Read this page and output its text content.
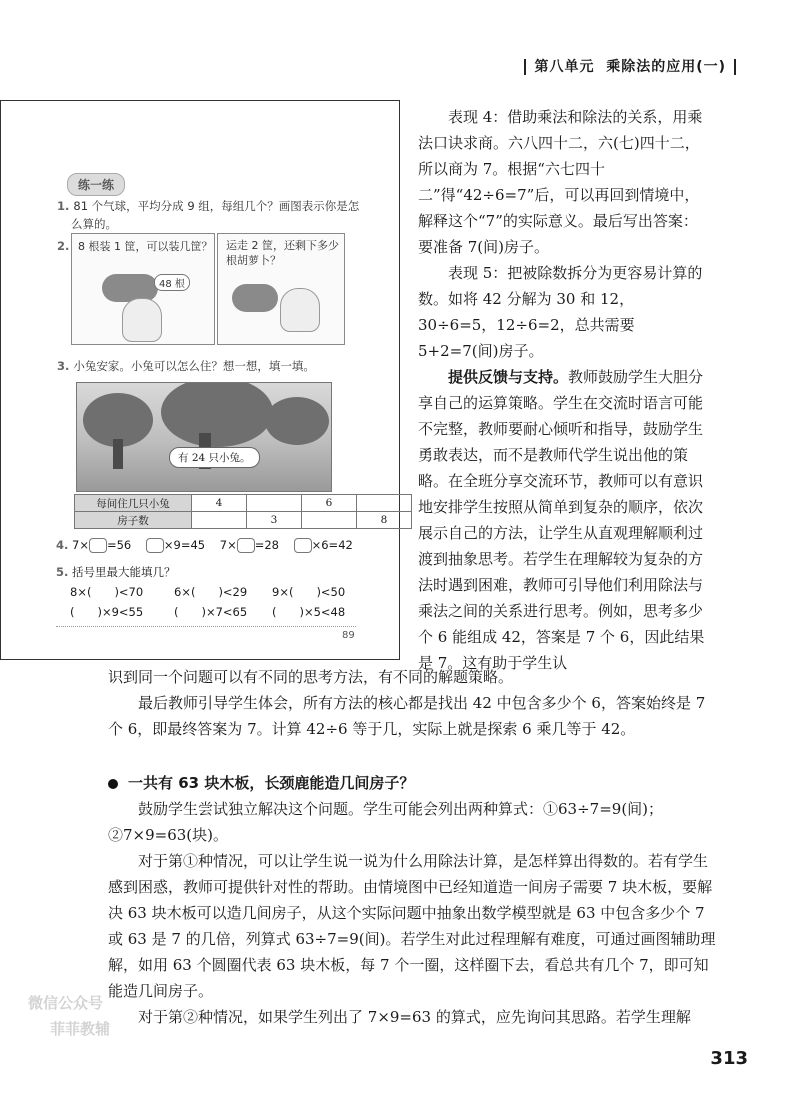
第八单元 乘除法的应用(一)
练一练
1. 81 个气球，平均分成 9 组，每组几个？画图表示你是怎
么算的。
2. 8 根装 1 筐，可以装几筐？
48 根
运走 2 筐，还剩下多少
根胡萝卜？
3. 小兔安家。小兔可以怎么住？想一想，填一填。
有 24 只小兔。
每间住几只小兔	4		6	
房子数		3		8
4. 7× =56	×9=45 7× =28	×6=42
5. 括号里最大能填几？
8×(　　)<70	6×(　　)<29 9×(　　)<50
(　　)×9<55	(　　)×7<65 (　　)×5<48
89

表现 4：借助乘法和除法的关系，用乘法口诀求商。六八四十二，六(七)四十二，所以商为 7。根据“六七四十二”得“42÷6=7”后，可以再回到情境中，解释这个“7”的实际意义。最后写出答案：要准备 7(间)房子。

表现 5：把被除数拆分为更容易计算的数。如将 42 分解为 30 和 12，30÷6=5，12÷6=2，总共需要 5+2=7(间)房子。

提供反馈与支持。教师鼓励学生大胆分享自己的运算策略。学生在交流时语言可能不完整，教师要耐心倾听和指导，鼓励学生勇敢表达，而不是教师代学生说出他的策略。在全班分享交流环节，教师可以有意识地安排学生按照从简单到复杂的顺序，依次展示自己的方法，让学生从直观理解顺利过渡到抽象思考。若学生在理解较为复杂的方法时遇到困难，教师可引导他们利用除法与乘法之间的关系进行思考。例如，思考多少个 6 能组成 42，答案是 7 个 6，因此结果是 7。这有助于学生认

识到同一个问题可以有不同的思考方法，有不同的解题策略。

最后教师引导学生体会，所有方法的核心都是找出 42 中包含多少个 6，答案始终是 7 个 6，即最终答案为 7。计算 42÷6 等于几，实际上就是探索 6 乘几等于 42。

一共有 63 块木板，长颈鹿能造几间房子？

鼓励学生尝试独立解决这个问题。学生可能会列出两种算式：①63÷7=9(间)；②7×9=63(块)。

对于第①种情况，可以让学生说一说为什么用除法计算，是怎样算出得数的。若有学生感到困惑，教师可提供针对性的帮助。由情境图中已经知道造一间房子需要 7 块木板，要解决 63 块木板可以造几间房子，从这个实际问题中抽象出数学模型就是 63 中包含多少个 7 或 63 是 7 的几倍，列算式 63÷7=9(间)。若学生对此过程理解有难度，可通过画图辅助理解，如用 63 个圆圈代表 63 块木板，每 7 个一圈，这样圈下去，看总共有几个 7，即可知能造几间房子。

对于第②种情况，如果学生列出了 7×9=63 的算式，应先询问其思路。若学生理解

微信公众号
菲菲教辅
313
